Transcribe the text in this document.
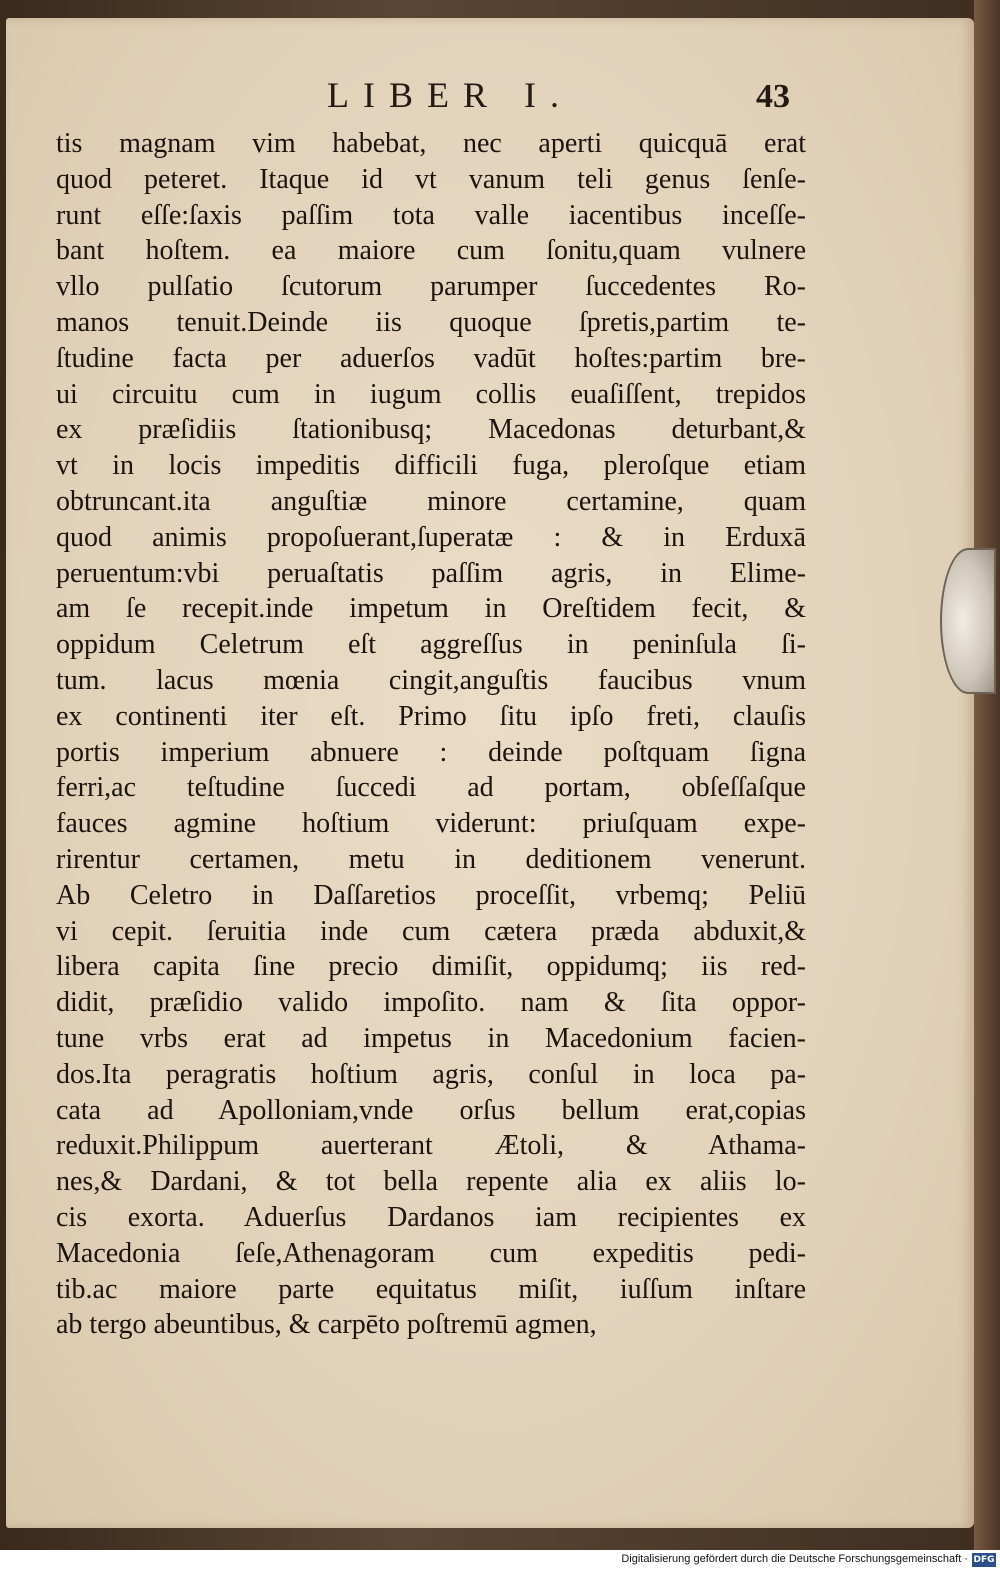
LIBER I.	43
tis magnam vim habebat, nec aperti quicquā erat
quod peteret. Itaque id vt vanum teli genus ſenſe-
runt eſſe:ſaxis paſſim tota valle iacentibus inceſſe-
bant hoſtem. ea maiore cum ſonitu,quam vulnere
vllo pulſatio ſcutorum parumper ſuccedentes Ro-
manos tenuit.Deinde iis quoque ſpretis,partim te-
ſtudine facta per aduerſos vadūt hoſtes:partim bre-
ui circuitu cum in iugum collis euaſiſſent, trepidos
ex præſidiis ſtationibusq; Macedonas deturbant,&
vt in locis impeditis difficili fuga, pleroſque etiam
obtruncant.ita anguſtiæ minore certamine, quam
quod animis propoſuerant,ſuperatæ : & in Erduxā
peruentum:vbi peruaſtatis paſſim agris, in Elime-
am ſe recepit.inde impetum in Oreſtidem fecit, &
oppidum Celetrum eſt aggreſſus in peninſula ſi-
tum. lacus mœnia cingit,anguſtis faucibus vnum
ex continenti iter eſt. Primo ſitu ipſo freti, clauſis
portis imperium abnuere : deinde poſtquam ſigna
ferri,ac teſtudine ſuccedi ad portam, obſeſſaſque
fauces agmine hoſtium viderunt: priuſquam expe-
rirentur certamen, metu in deditionem venerunt.
Ab Celetro in Daſſaretios proceſſit, vrbemq; Peliū
vi cepit. ſeruitia inde cum cætera præda abduxit,&
libera capita ſine precio dimiſit, oppidumq; iis red-
didit, præſidio valido impoſito. nam & ſita oppor-
tune vrbs erat ad impetus in Macedonium facien-
dos.Ita peragratis hoſtium agris, conſul in loca pa-
cata ad Apolloniam,vnde orſus bellum erat,copias
reduxit.Philippum auerterant Ætoli, & Athama-
nes,& Dardani, & tot bella repente alia ex aliis lo-
cis exorta. Aduerſus Dardanos iam recipientes ex
Macedonia ſeſe,Athenagoram cum expeditis pedi-
tib.ac maiore parte equitatus miſit, iuſſum inſtare
ab tergo abeuntibus, & carpēto poſtremū agmen,
Digitalisierung gefördert durch die Deutsche Forschungsgemeinschaft · DFG
